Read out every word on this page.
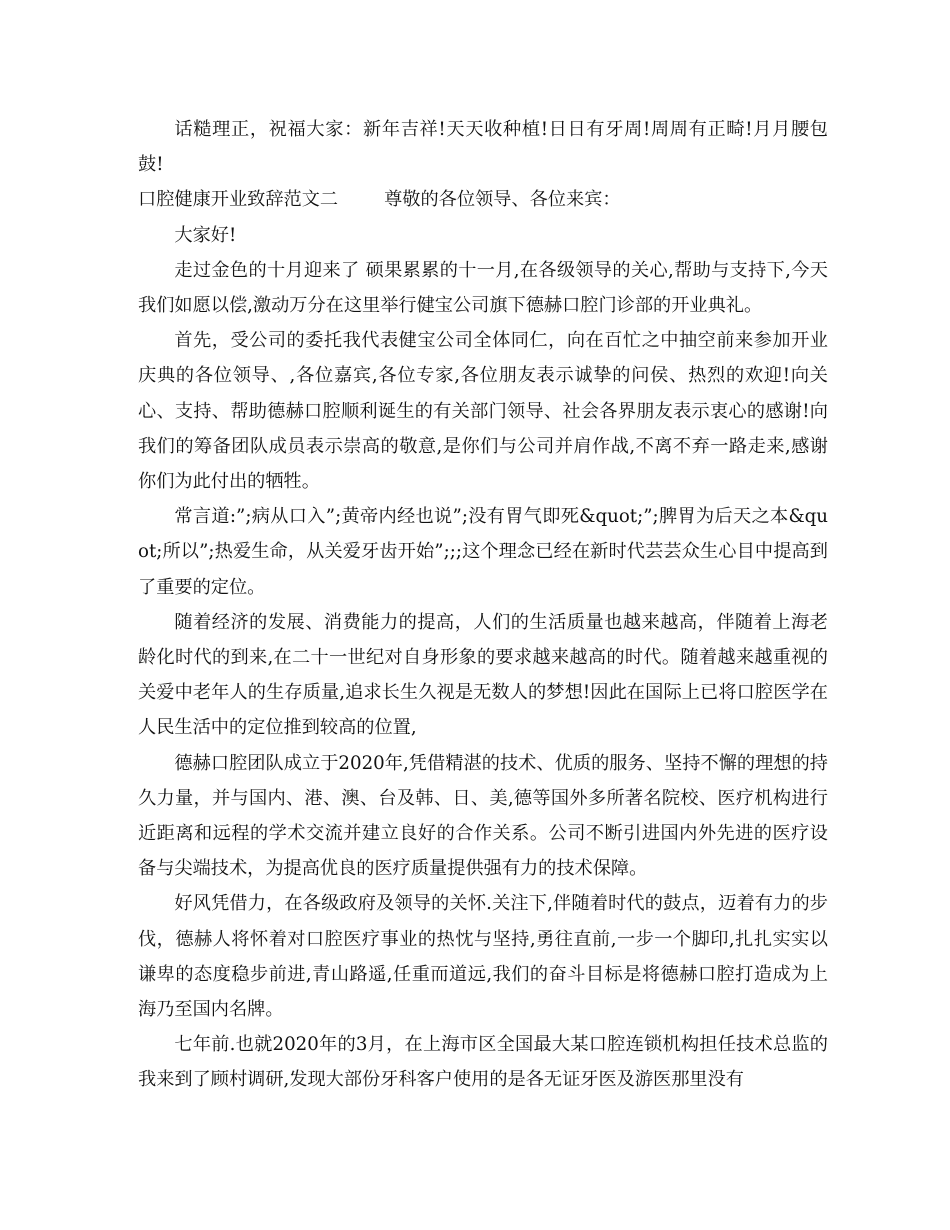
话糙理正，祝福大家：新年吉祥!天天收种植!日日有牙周!周周有正畸!月月腰包鼓!

口腔健康开业致辞范文二	尊敬的各位领导、各位来宾：

大家好!

走过金色的十月迎来了 硕果累累的十一月,在各级领导的关心,帮助与支持下,今天我们如愿以偿,激动万分在这里举行健宝公司旗下德赫口腔门诊部的开业典礼。

首先，受公司的委托我代表健宝公司全体同仁，向在百忙之中抽空前来参加开业庆典的各位领导、,各位嘉宾,各位专家,各位朋友表示诚挚的问侯、热烈的欢迎!向关心、支持、帮助德赫口腔顺利诞生的有关部门领导、社会各界朋友表示衷心的感谢!向我们的筹备团队成员表示崇高的敬意,是你们与公司并肩作战,不离不弃一路走来,感谢你们为此付出的牺牲。

常言道:”;病从口入”;黄帝内经也说”;没有胃气即死&quot;”;脾胃为后天之本&quot;所以”;热爱生命，从关爱牙齿开始”;;;这个理念已经在新时代芸芸众生心目中提高到了重要的定位。

随着经济的发展、消费能力的提高，人们的生活质量也越来越高，伴随着上海老龄化时代的到来,在二十一世纪对自身形象的要求越来越高的时代。随着越来越重视的关爱中老年人的生存质量,追求长生久视是无数人的梦想!因此在国际上已将口腔医学在人民生活中的定位推到较高的位置,

德赫口腔团队成立于2020年,凭借精湛的技术、优质的服务、坚持不懈的理想的持久力量，并与国内、港、澳、台及韩、日、美,德等国外多所著名院校、医疗机构进行近距离和远程的学术交流并建立良好的合作关系。公司不断引进国内外先进的医疗设备与尖端技术，为提高优良的医疗质量提供强有力的技术保障。

好风凭借力，在各级政府及领导的关怀.关注下,伴随着时代的鼓点，迈着有力的步伐，德赫人将怀着对口腔医疗事业的热忱与坚持,勇往直前,一步一个脚印,扎扎实实以谦卑的态度稳步前进,青山路遥,任重而道远,我们的奋斗目标是将德赫口腔打造成为上海乃至国内名牌。

七年前.也就2020年的3月，在上海市区全国最大某口腔连锁机构担任技术总监的我来到了顾村调研,发现大部份牙科客户使用的是各无证牙医及游医那里没有
